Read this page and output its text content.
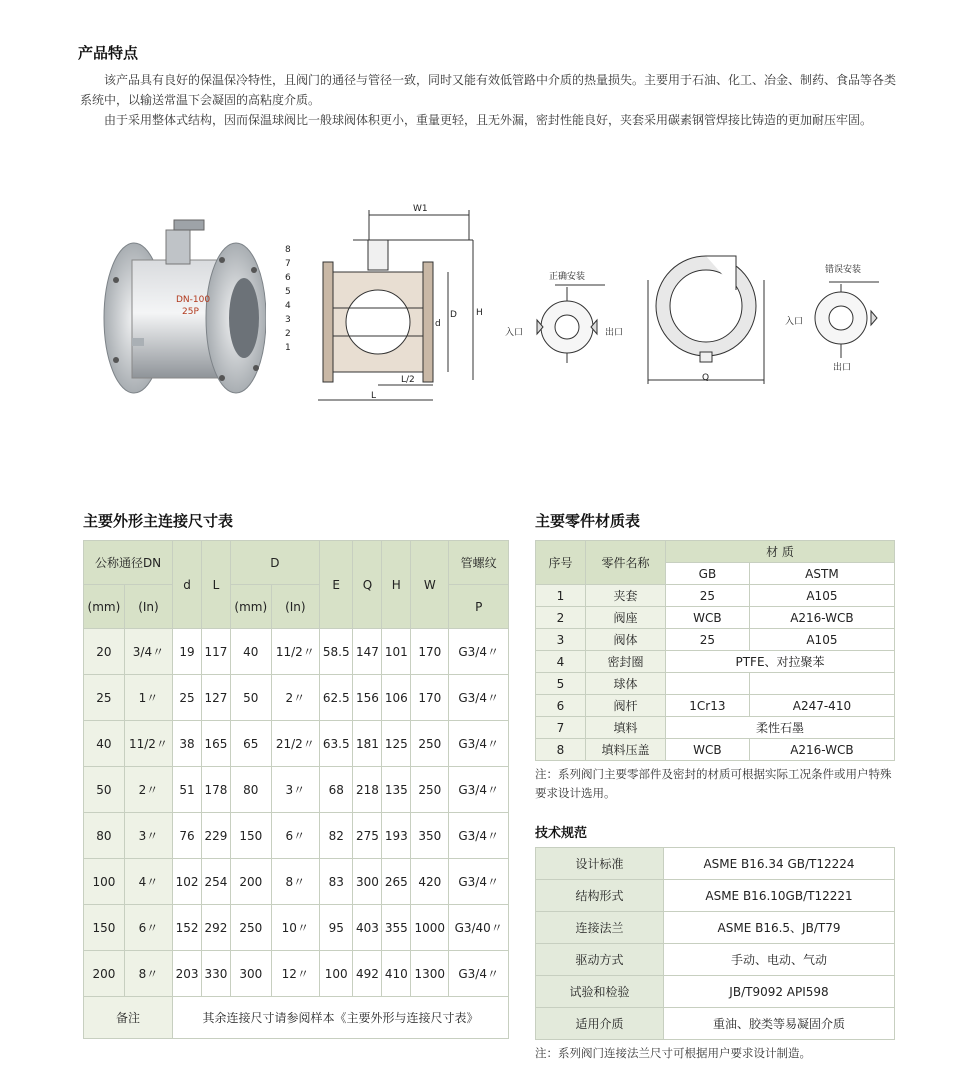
产品特点

该产品具有良好的保温保冷特性，且阀门的通径与管径一致，同时又能有效低管路中介质的热量损失。主要用于石油、化工、冶金、制药、食品等各类系统中，以输送常温下会凝固的高粘度介质。

由于采用整体式结构，因而保温球阀比一般球阀体积更小，重量更轻，且无外漏，密封性能良好，夹套采用碳素钢管焊接比铸造的更加耐压牢固。

DN-100
25P
W1
H
D
d
L/2
L
8
7
6
5
4
3
2
1
正确安装
入口	出口
Q
错误安装
入口
出口
主要外形主连接尺寸表
公称通径DN		d	L	D		E	Q	H	W	管螺纹
(mm)	(In)			(mm)	(In)					P
20	3/4〃	19	117	40	11/2〃	58.5	147	101	170	G3/4〃
25	1〃	25	127	50	2〃	62.5	156	106	170	G3/4〃
40	11/2〃	38	165	65	21/2〃	63.5	181	125	250	G3/4〃
50	2〃	51	178	80	3〃	68	218	135	250	G3/4〃
80	3〃	76	229	150	6〃	82	275	193	350	G3/4〃
100	4〃	102	254	200	8〃	83	300	265	420	G3/4〃
150	6〃	152	292	250	10〃	95	403	355	1000	G3/40〃
200	8〃	203	330	300	12〃	100	492	410	1300	G3/4〃
备注		其余连接尺寸请参阅样本《主要外形与连接尺寸表》								
主要零件材质表
序号	零件名称	材 质	
		GB	ASTM
1	夹套	25	A105
2	阀座	WCB	A216-WCB
3	阀体	25	A105
4	密封圈	PTFE、对拉聚苯	
5	球体		
6	阀杆	1Cr13	A247-410
7	填料	柔性石墨	
8	填料压盖	WCB	A216-WCB
注：系列阀门主要零部件及密封的材质可根据实际工况条件或用户特殊要求设计选用。
技术规范
设计标准	ASME B16.34 GB/T12224
结构形式	ASME B16.10GB/T12221
连接法兰	ASME B16.5、JB/T79
驱动方式	手动、电动、气动
试验和检验	JB/T9092 API598
适用介质	重油、胶类等易凝固介质
注：系列阀门连接法兰尺寸可根据用户要求设计制造。
